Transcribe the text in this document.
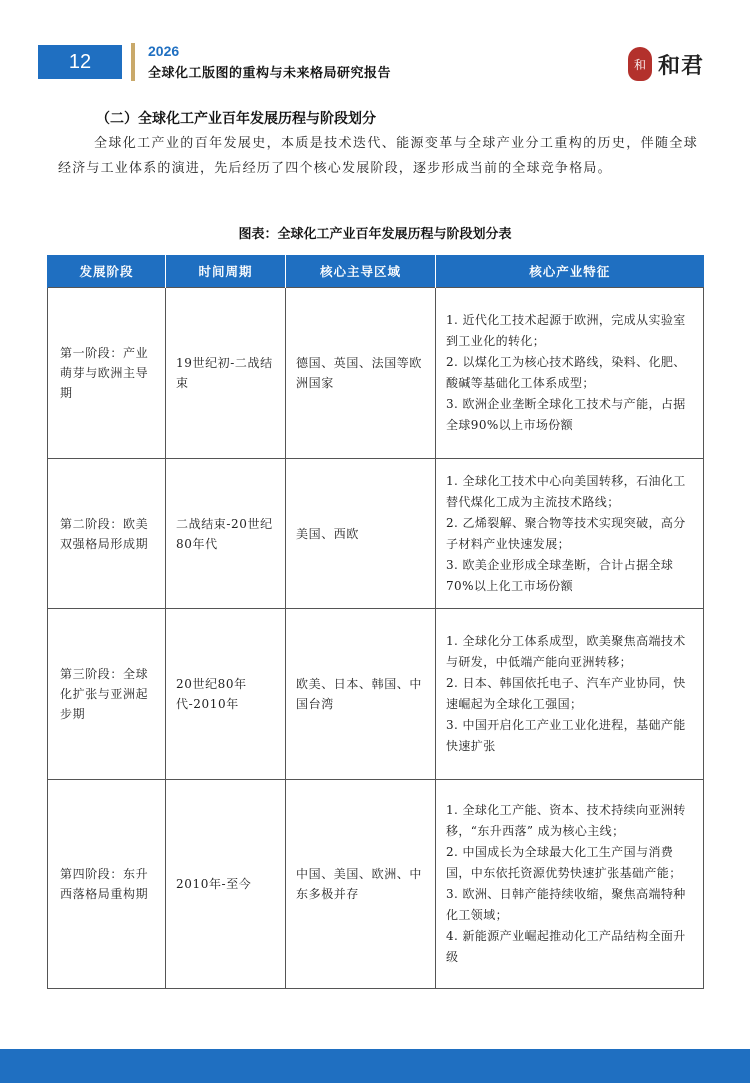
12	2026
全球化工版图的重构与未来格局研究报告
和 和君
（二）全球化工产业百年发展历程与阶段划分
全球化工产业的百年发展史，本质是技术迭代、能源变革与全球产业分工重构的历史，伴随全球经济与工业体系的演进，先后经历了四个核心发展阶段，逐步形成当前的全球竞争格局。
图表：全球化工产业百年发展历程与阶段划分表
发展阶段	时间周期	核心主导区域	核心产业特征
第一阶段：产业萌芽与欧洲主导期	19世纪初-二战结束	德国、英国、法国等欧洲国家	1. 近代化工技术起源于欧洲，完成从实验室到工业化的转化；
2. 以煤化工为核心技术路线，染料、化肥、酸碱等基础化工体系成型；
3. 欧洲企业垄断全球化工技术与产能，占据全球90%以上市场份额

第二阶段：欧美双强格局形成期	二战结束-20世纪80年代	美国、西欧	1. 全球化工技术中心向美国转移，石油化工替代煤化工成为主流技术路线；
2. 乙烯裂解、聚合物等技术实现突破，高分子材料产业快速发展；
3. 欧美企业形成全球垄断，合计占据全球70%以上化工市场份额

第三阶段：全球化扩张与亚洲起步期	20世纪80年代-2010年	欧美、日本、韩国、中国台湾	1. 全球化分工体系成型，欧美聚焦高端技术与研发，中低端产能向亚洲转移；
2. 日本、韩国依托电子、汽车产业协同，快速崛起为全球化工强国；
3. 中国开启化工产业工业化进程，基础产能快速扩张

第四阶段：东升西落格局重构期	2010年-至今	中国、美国、欧洲、中东多极并存	1. 全球化工产能、资本、技术持续向亚洲转移，“东升西落” 成为核心主线；
2. 中国成长为全球最大化工生产国与消费国，中东依托资源优势快速扩张基础产能；
3. 欧洲、日韩产能持续收缩，聚焦高端特种化工领域；
4. 新能源产业崛起推动化工产品结构全面升级
